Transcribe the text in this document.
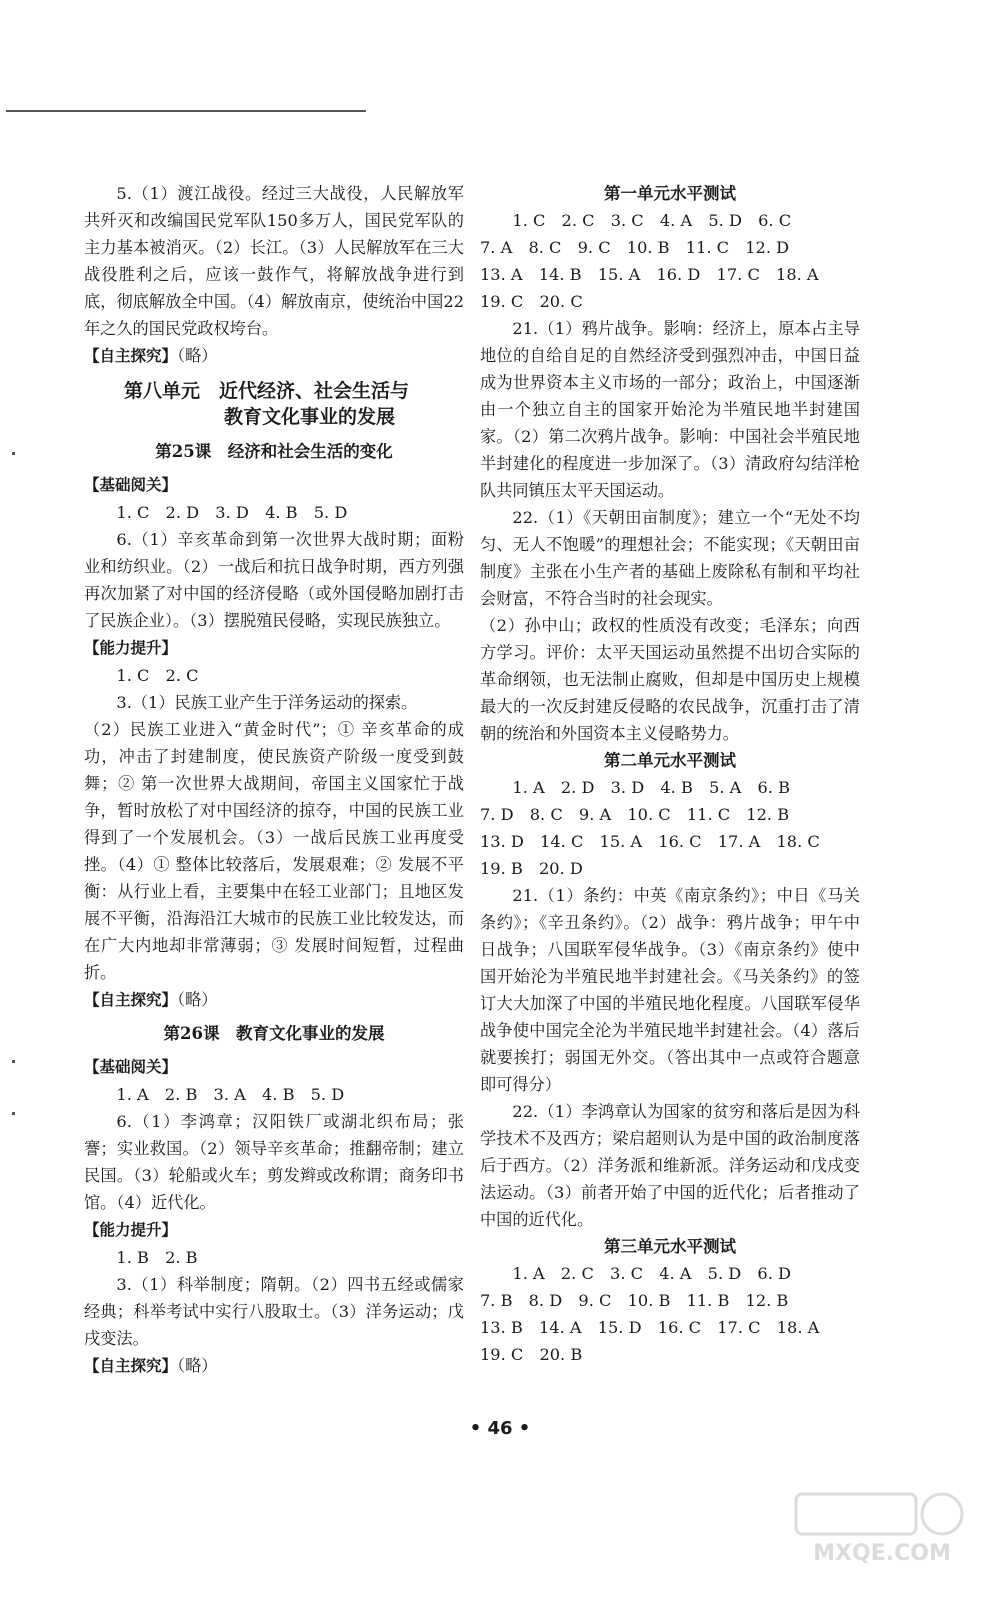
5.（1）渡江战役。经过三大战役，人民解放军共歼灭和改编国民党军队150多万人，国民党军队的主力基本被消灭。（2）长江。（3）人民解放军在三大战役胜利之后，应该一鼓作气，将解放战争进行到底，彻底解放全中国。（4）解放南京，使统治中国22年之久的国民党政权垮台。

【自主探究】（略）
第八单元　近代经济、社会生活与
教育文化事业的发展
第25课　经济和社会生活的变化
【基础阅关】

1. C　2. D　3. D　4. B　5. D

6.（1）辛亥革命到第一次世界大战时期；面粉业和纺织业。（2）一战后和抗日战争时期，西方列强再次加紧了对中国的经济侵略（或外国侵略加剧打击了民族企业）。（3）摆脱殖民侵略，实现民族独立。

【能力提升】

1. C　2. C

3.（1）民族工业产生于洋务运动的探索。

（2）民族工业进入“黄金时代”；① 辛亥革命的成功，冲击了封建制度，使民族资产阶级一度受到鼓舞；② 第一次世界大战期间，帝国主义国家忙于战争，暂时放松了对中国经济的掠夺，中国的民族工业得到了一个发展机会。（3）一战后民族工业再度受挫。（4）① 整体比较落后，发展艰难；② 发展不平衡：从行业上看，主要集中在轻工业部门；且地区发展不平衡，沿海沿江大城市的民族工业比较发达，而在广大内地却非常薄弱；③ 发展时间短暂，过程曲折。

【自主探究】（略）
第26课　教育文化事业的发展
【基础阅关】

1. A　2. B　3. A　4. B　5. D

6.（1）李鸿章；汉阳铁厂或湖北织布局；张謇；实业救国。（2）领导辛亥革命；推翻帝制；建立民国。（3）轮船或火车；剪发辫或改称谓；商务印书馆。（4）近代化。

【能力提升】

1. B　2. B

3.（1）科举制度；隋朝。（2）四书五经或儒家经典；科举考试中实行八股取士。（3）洋务运动；戊戌变法。

【自主探究】（略）
第一单元水平测试

1. C　2. C　3. C　4. A　5. D　6. C

7. A　8. C　9. C　10. B　11. C　12. D

13. A　14. B　15. A　16. D　17. C　18. A

19. C　20. C

21.（1）鸦片战争。影响：经济上，原本占主导地位的自给自足的自然经济受到强烈冲击，中国日益成为世界资本主义市场的一部分；政治上，中国逐渐由一个独立自主的国家开始沦为半殖民地半封建国家。（2）第二次鸦片战争。影响：中国社会半殖民地半封建化的程度进一步加深了。（3）清政府勾结洋枪队共同镇压太平天国运动。

22.（1）《天朝田亩制度》；建立一个“无处不均匀、无人不饱暖”的理想社会；不能实现；《天朝田亩制度》主张在小生产者的基础上废除私有制和平均社会财富，不符合当时的社会现实。

（2）孙中山；政权的性质没有改变；毛泽东；向西方学习。评价：太平天国运动虽然提不出切合实际的革命纲领，也无法制止腐败，但却是中国历史上规模最大的一次反封建反侵略的农民战争，沉重打击了清朝的统治和外国资本主义侵略势力。

第二单元水平测试

1. A　2. D　3. D　4. B　5. A　6. B

7. D　8. C　9. A　10. C　11. C　12. B

13. D　14. C　15. A　16. C　17. A　18. C

19. B　20. D

21.（1）条约：中英《南京条约》；中日《马关条约》；《辛丑条约》。（2）战争：鸦片战争；甲午中日战争；八国联军侵华战争。（3）《南京条约》使中国开始沦为半殖民地半封建社会。《马关条约》的签订大大加深了中国的半殖民地化程度。八国联军侵华战争使中国完全沦为半殖民地半封建社会。（4）落后就要挨打；弱国无外交。（答出其中一点或符合题意即可得分）

22.（1）李鸿章认为国家的贫穷和落后是因为科学技术不及西方；梁启超则认为是中国的政治制度落后于西方。（2）洋务派和维新派。洋务运动和戊戌变法运动。（3）前者开始了中国的近代化；后者推动了中国的近代化。

第三单元水平测试

1. A　2. C　3. C　4. A　5. D　6. D

7. B　8. D　9. C　10. B　11. B　12. B

13. B　14. A　15. D　16. C　17. C　18. A

19. C　20. B

• 46 •
MXQE.COM
